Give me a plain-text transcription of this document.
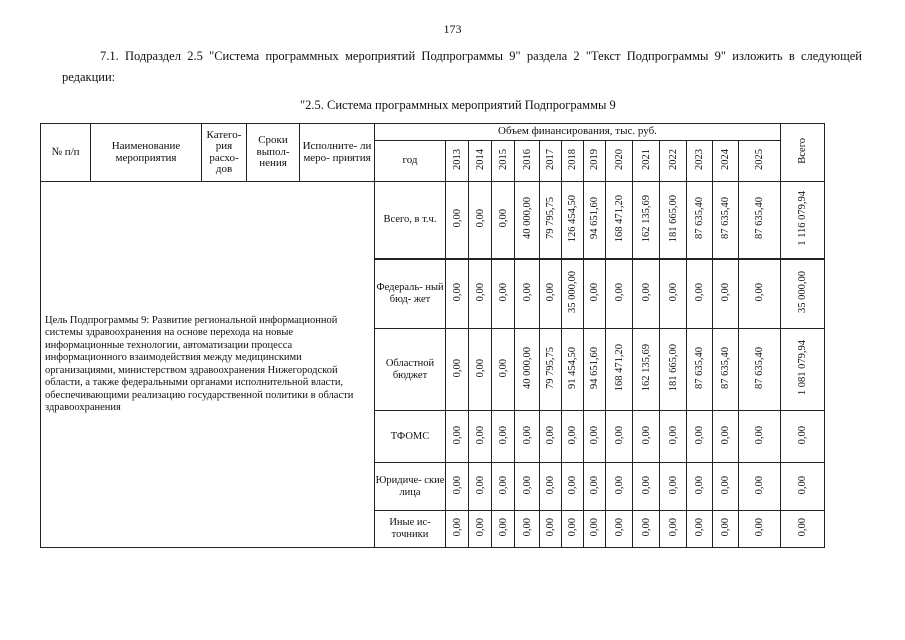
173
7.1. Подраздел 2.5 "Система программных мероприятий Подпрограммы 9" раздела 2 "Текст Подпрограммы 9" изложить в следующей редакции:
"2.5. Система программных мероприятий Подпрограммы 9
№ п/п	Наименование мероприятия	Катего- рия расхо- дов	Сроки выпол- нения	Исполните- ли меро- приятия	Объем финансирования, тыс. руб.														Всего
					год	2013	2014	2015	2016	2017	2018	2019	2020	2021	2022	2023	2024	2025	
Цель Подпрограммы 9: Развитие региональной информационной системы здравоохранения на основе перехода на новые информационные технологии, автоматизации процесса информационного взаимодействия между медицинскими организациями, министерством здравоохранения Нижегородской области, а также федеральными органами исполнительной власти, обеспечивающими реализацию государственной политики в области здравоохранения					Всего, в т.ч.	0,00	0,00	0,00	40 000,00	79 795,75	126 454,50	94 651,60	168 471,20	162 135,69	181 665,00	87 635,40	87 635,40	87 635,40	1 116 079,94
					Федераль- ный бюд- жет	0,00	0,00	0,00	0,00	0,00	35 000,00	0,00	0,00	0,00	0,00	0,00	0,00	0,00	35 000,00
					Областной бюджет	0,00	0,00	0,00	40 000,00	79 795,75	91 454,50	94 651,60	168 471,20	162 135,69	181 665,00	87 635,40	87 635,40	87 635,40	1 081 079,94
					ТФОМС	0,00	0,00	0,00	0,00	0,00	0,00	0,00	0,00	0,00	0,00	0,00	0,00	0,00	0,00
					Юридиче- ские лица	0,00	0,00	0,00	0,00	0,00	0,00	0,00	0,00	0,00	0,00	0,00	0,00	0,00	0,00
					Иные ис- точники	0,00	0,00	0,00	0,00	0,00	0,00	0,00	0,00	0,00	0,00	0,00	0,00	0,00	0,00
